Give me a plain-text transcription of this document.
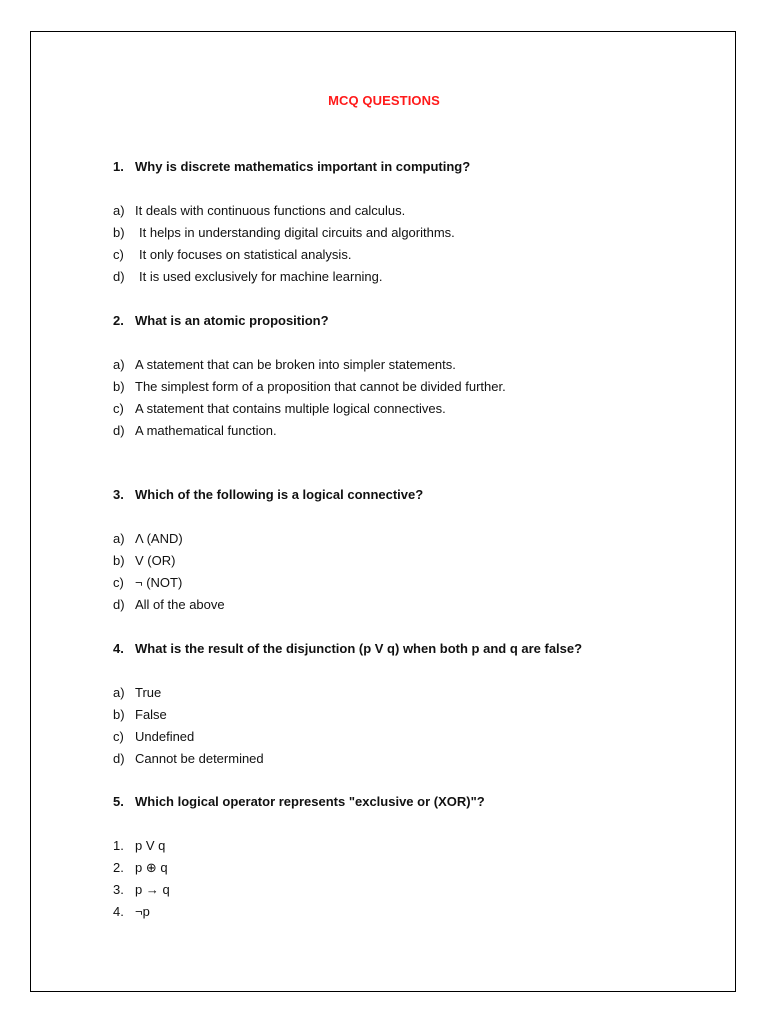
MCQ QUESTIONS
1. Why is discrete mathematics important in computing?
a) It deals with continuous functions and calculus.
b) It helps in understanding digital circuits and algorithms.
c) It only focuses on statistical analysis.
d) It is used exclusively for machine learning.
2. What is an atomic proposition?
a) A statement that can be broken into simpler statements.
b) The simplest form of a proposition that cannot be divided further.
c) A statement that contains multiple logical connectives.
d) A mathematical function.
3. Which of the following is a logical connective?
a) Λ (AND)
b) V (OR)
c) ¬ (NOT)
d) All of the above
4. What is the result of the disjunction (p V q) when both p and q are false?
a) True
b) False
c) Undefined
d) Cannot be determined
5. Which logical operator represents "exclusive or (XOR)"?
1. p V q
2. p ⊕ q
3. p → q
4. ¬p
